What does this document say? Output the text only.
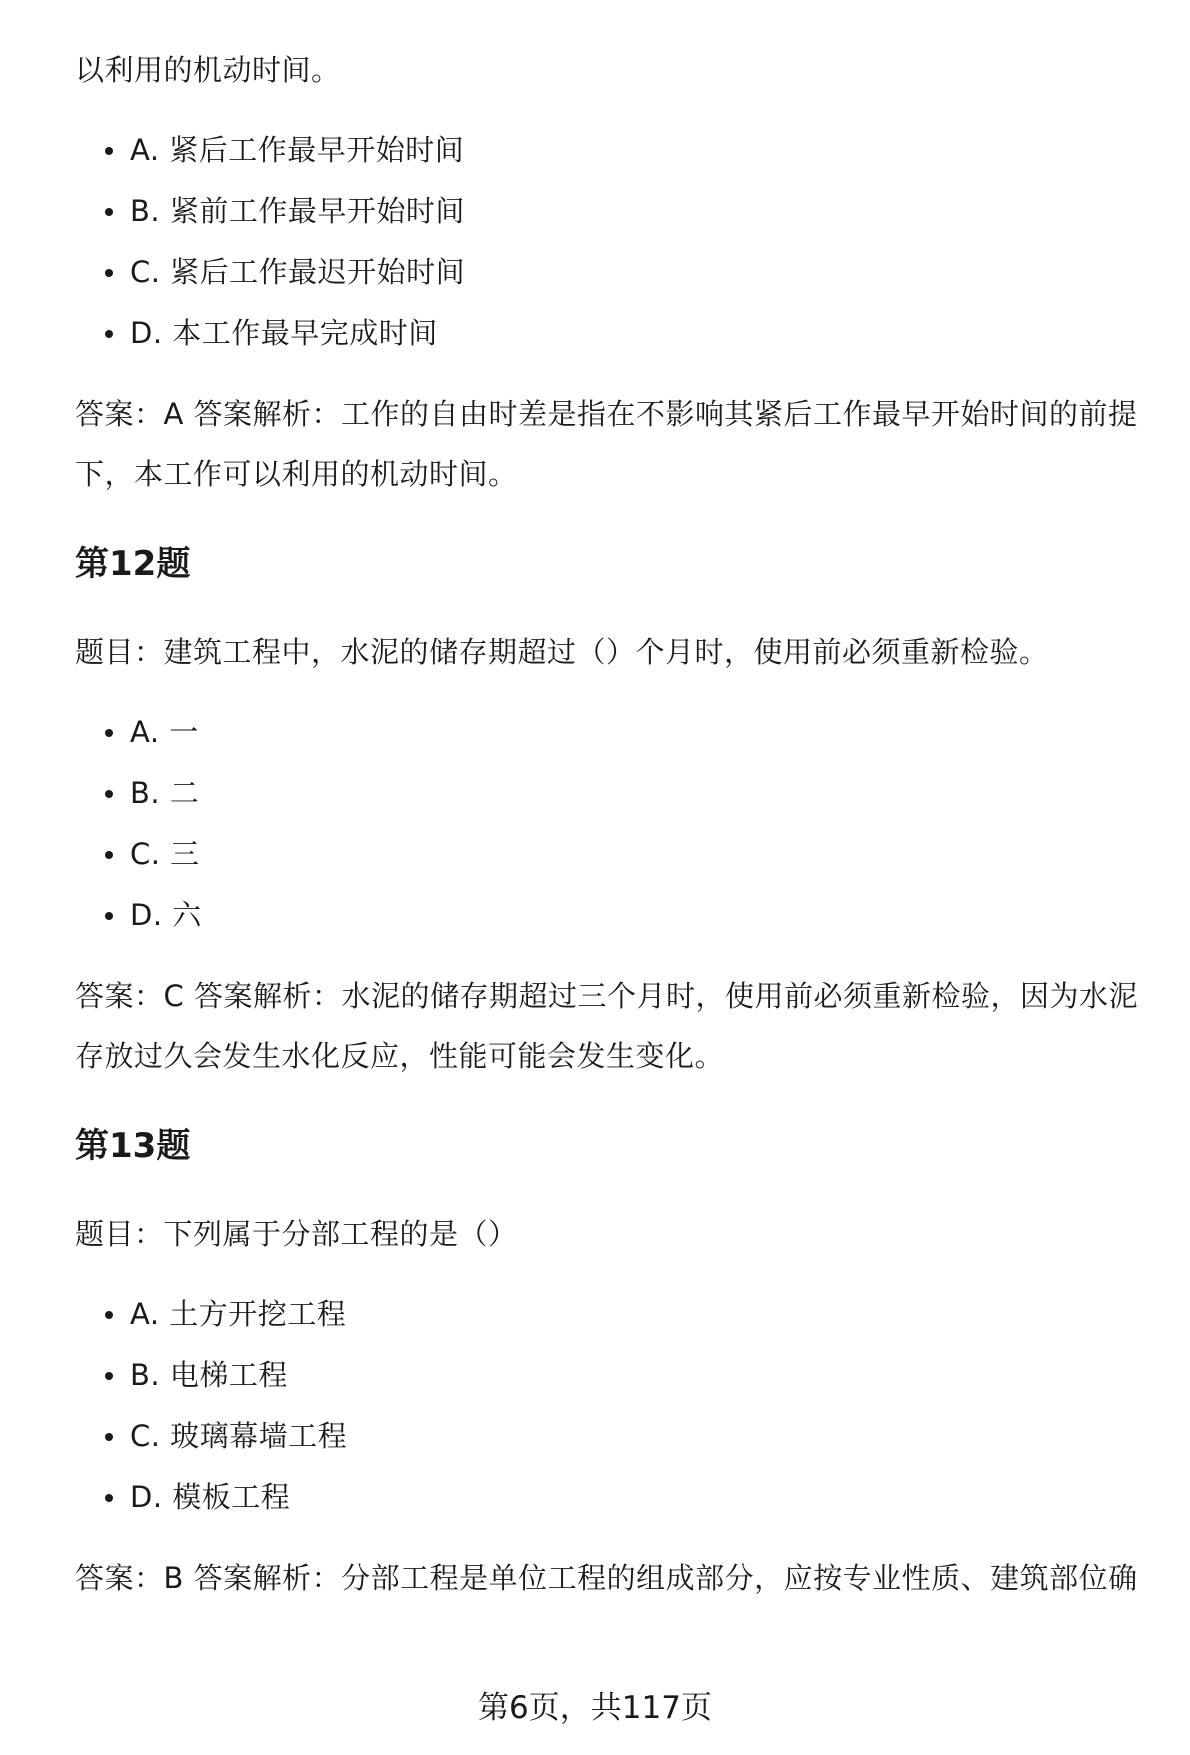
以利用的机动时间。

A. 紧后工作最早开始时间
B. 紧前工作最早开始时间
C. 紧后工作最迟开始时间
D. 本工作最早完成时间

答案：A 答案解析：工作的自由时差是指在不影响其紧后工作最早开始时间的前提

下，本工作可以利用的机动时间。

第12题

题目：建筑工程中，水泥的储存期超过（）个月时，使用前必须重新检验。

A. 一
B. 二
C. 三
D. 六

答案：C 答案解析：水泥的储存期超过三个月时，使用前必须重新检验，因为水泥

存放过久会发生水化反应，性能可能会发生变化。

第13题

题目：下列属于分部工程的是（）

A. 土方开挖工程
B. 电梯工程
C. 玻璃幕墙工程
D. 模板工程

答案：B 答案解析：分部工程是单位工程的组成部分，应按专业性质、建筑部位确

第6页，共117页
